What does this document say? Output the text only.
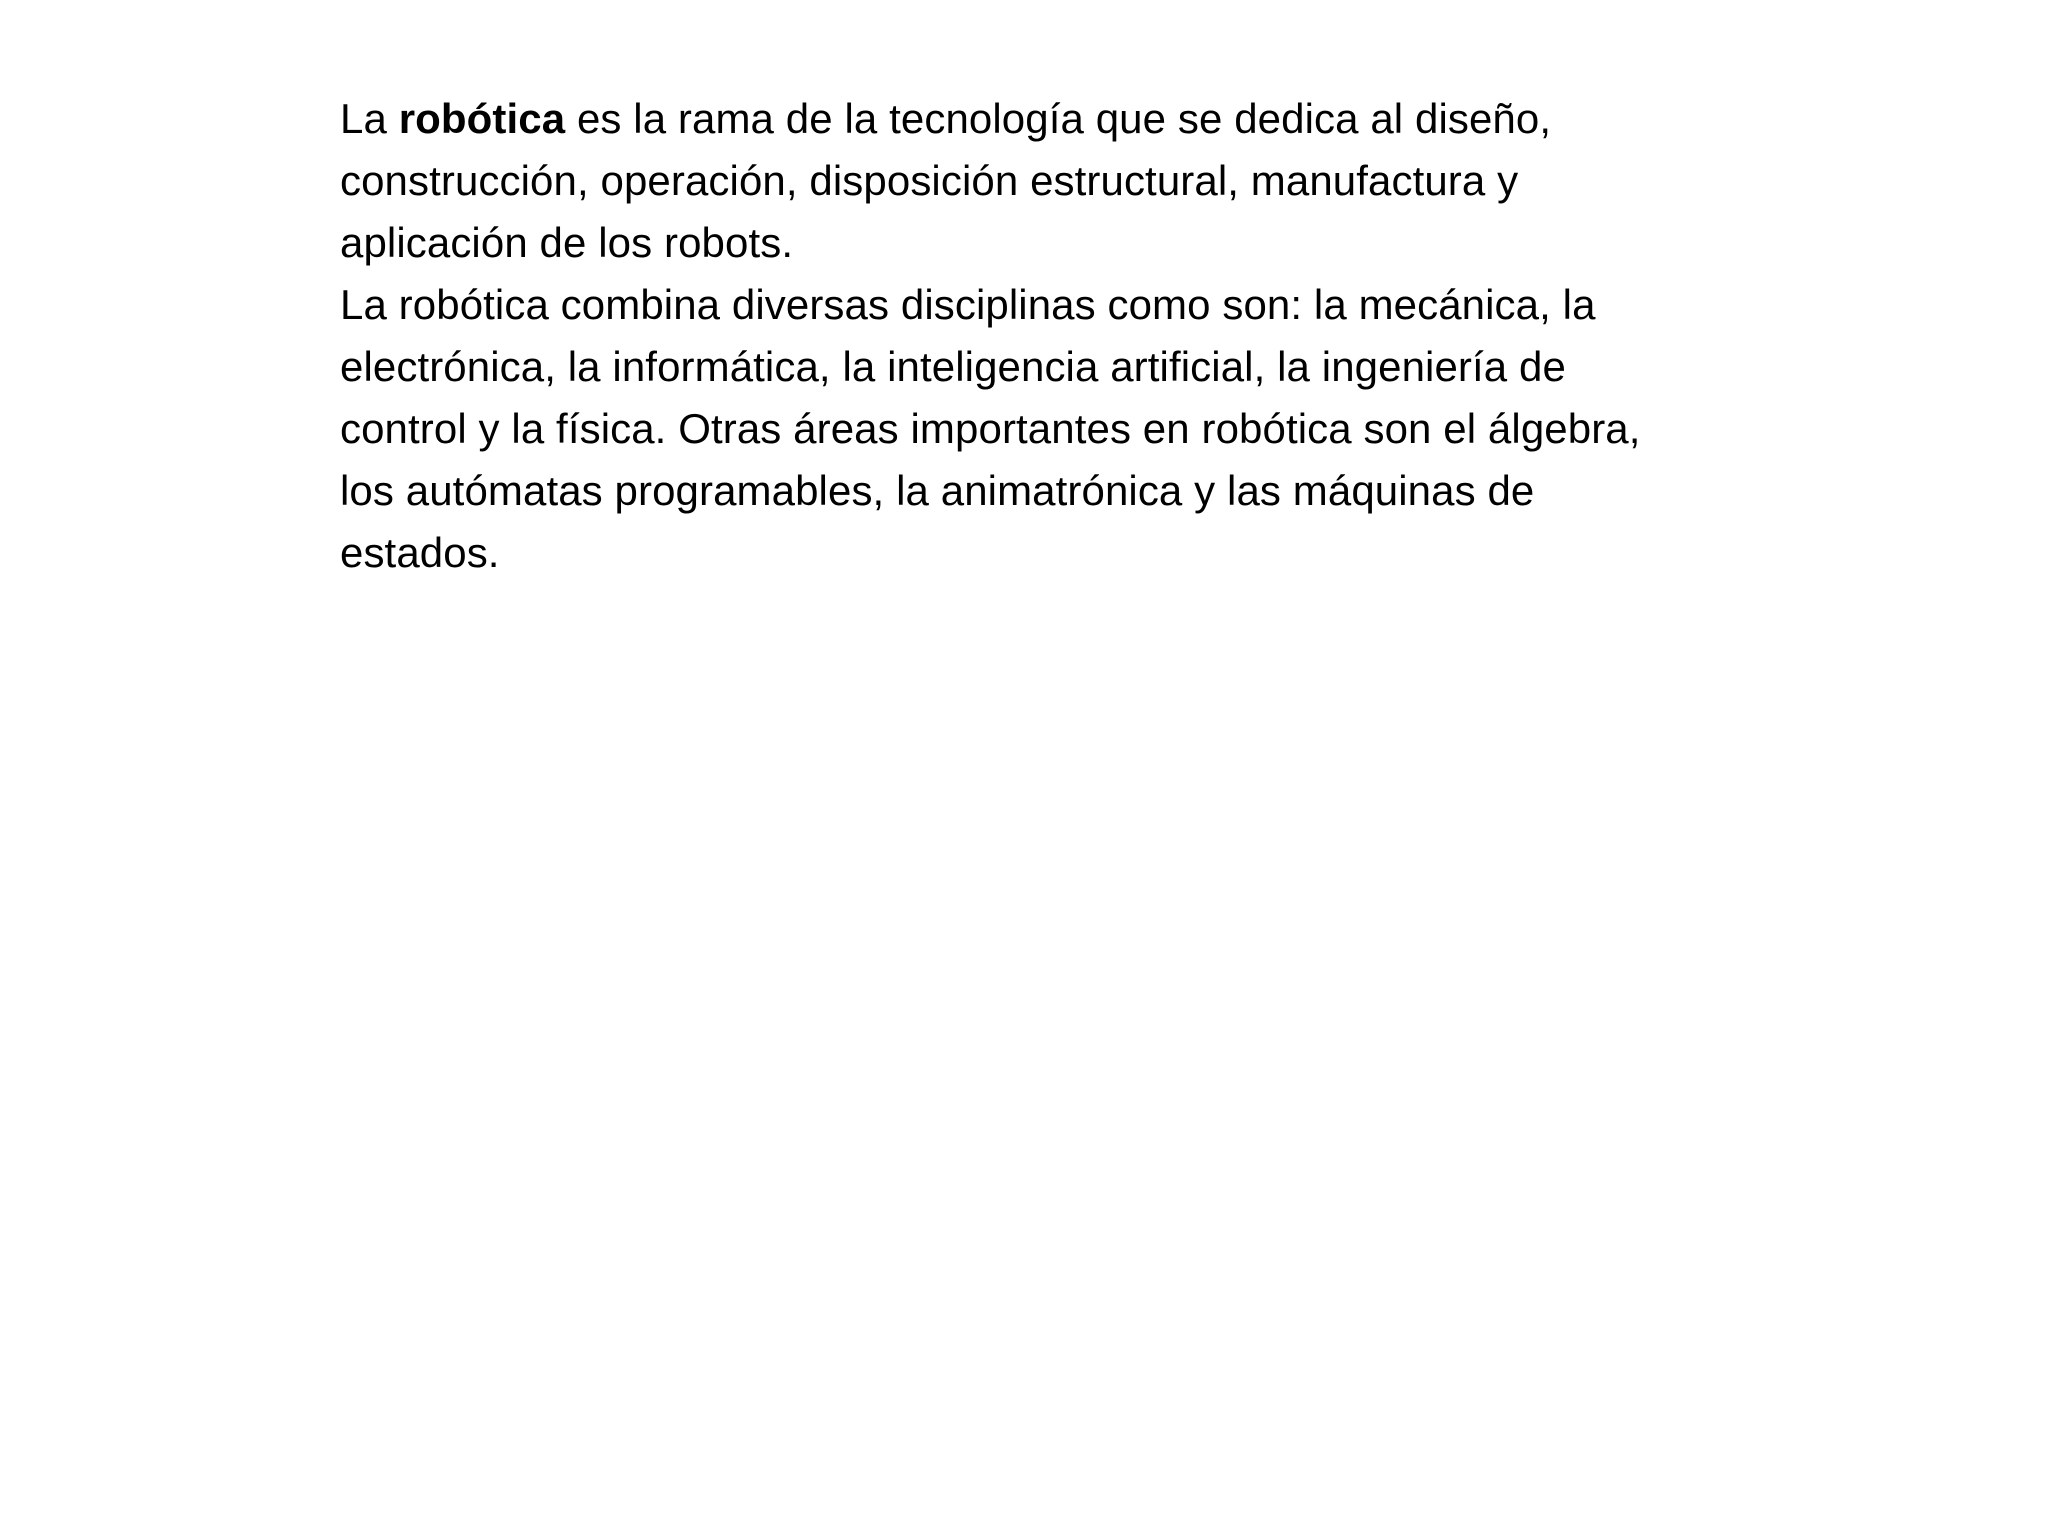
La robótica es la rama de la tecnología que se dedica al diseño,
construcción, operación, disposición estructural, manufactura y
aplicación de los robots.
La robótica combina diversas disciplinas como son: la mecánica, la
electrónica, la informática, la inteligencia artificial, la ingeniería de
control y la física. Otras áreas importantes en robótica son el álgebra,
los autómatas programables, la animatrónica y las máquinas de
estados.
